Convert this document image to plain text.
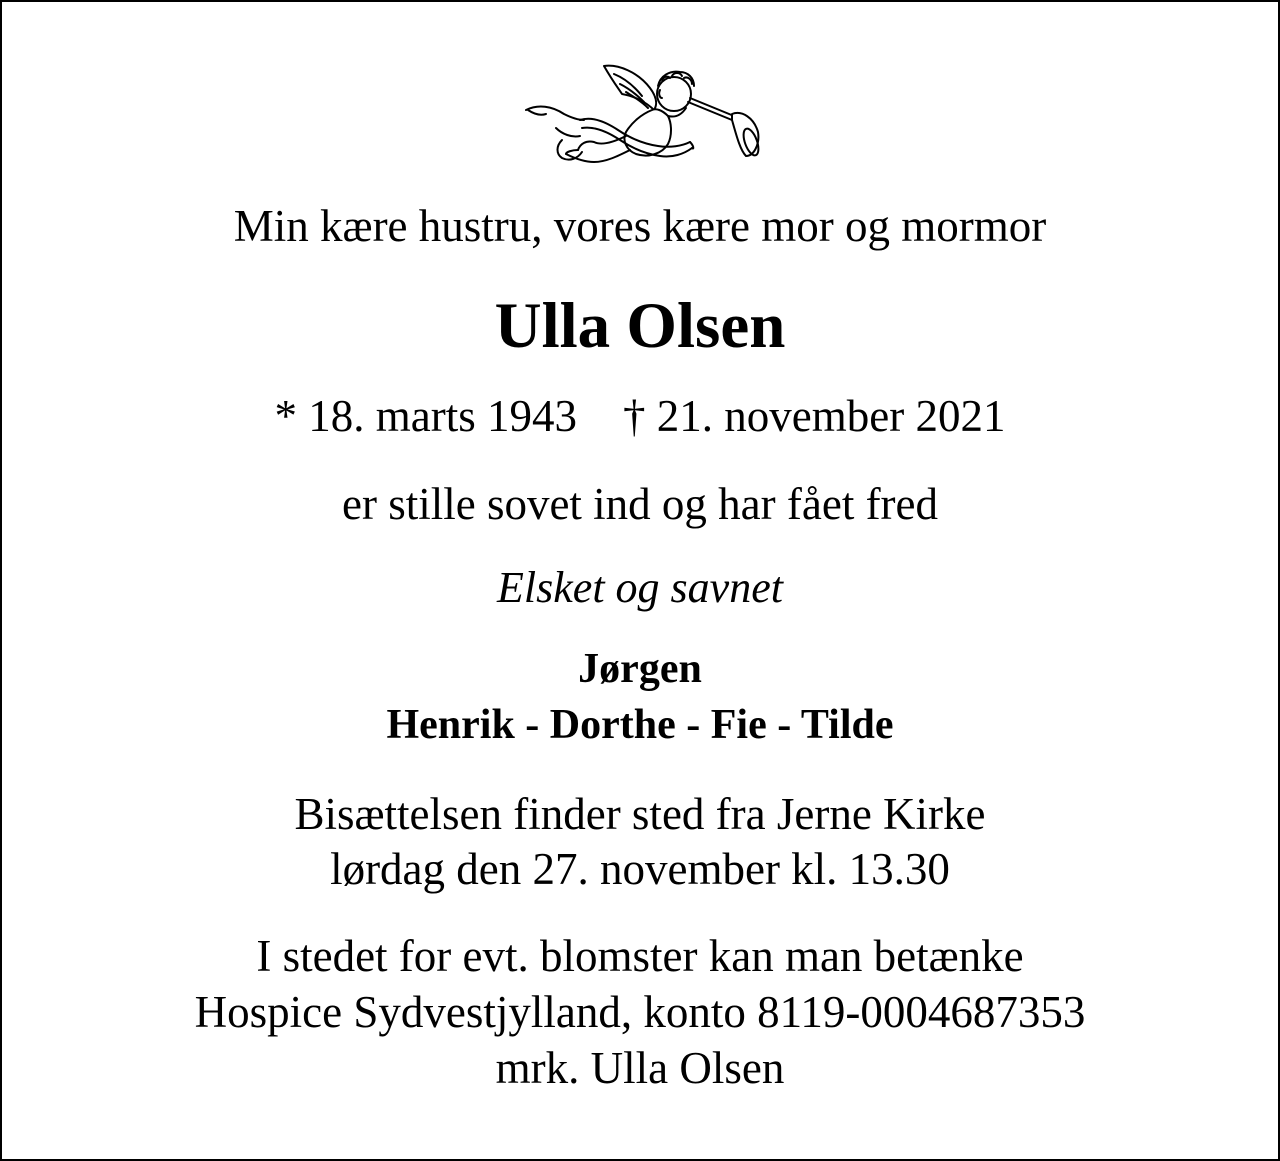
Min kære hustru, vores kære mor og mormor
Ulla Olsen
* 18. marts 1943 † 21. november 2021
er stille sovet ind og har fået fred
Elsket og savnet
Jørgen
Henrik - Dorthe - Fie - Tilde
Bisættelsen finder sted fra Jerne Kirke
lørdag den 27. november kl. 13.30
I stedet for evt. blomster kan man betænke
Hospice Sydvestjylland, konto 8119-0004687353
mrk. Ulla Olsen
